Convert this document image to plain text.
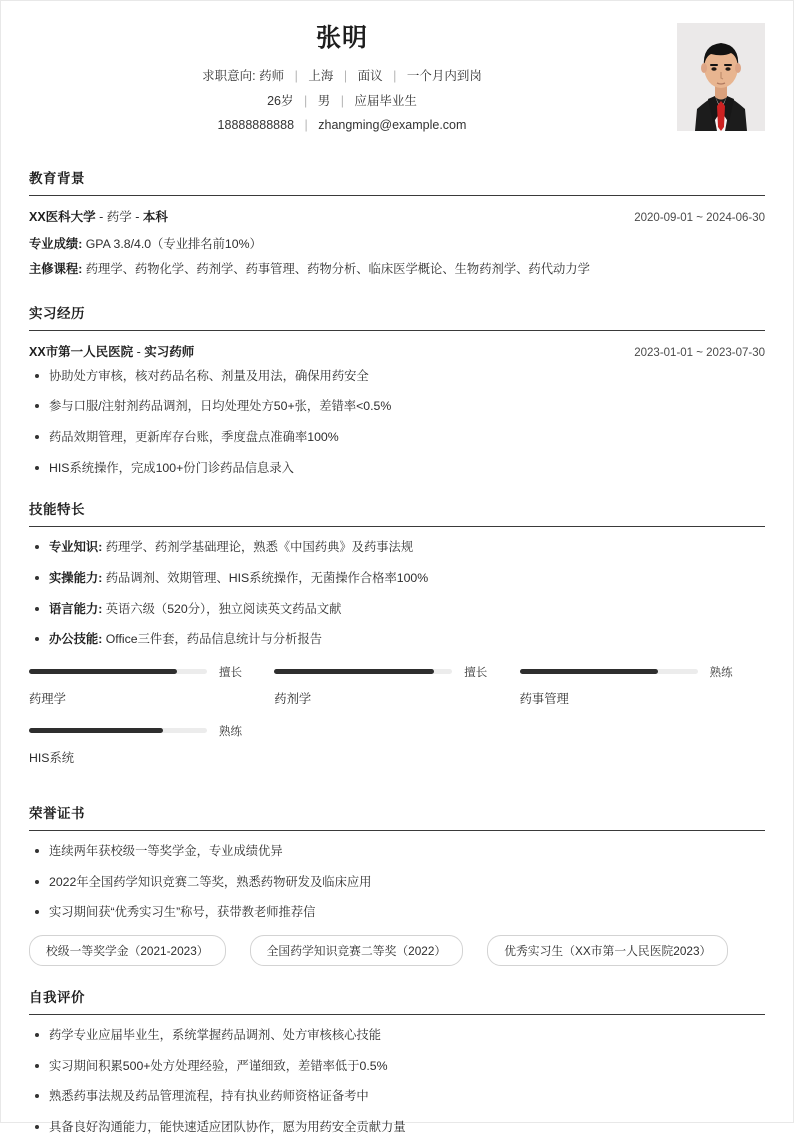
张明
求职意向: 药师 | 上海 | 面议 | 一个月内到岗
26岁 | 男 | 应届毕业生
18888888888 | zhangming@example.com
教育背景
XX医科大学 - 药学 - 本科	2020-09-01 ~ 2024-06-30
专业成绩: GPA 3.8/4.0（专业排名前10%）
主修课程: 药理学、药物化学、药剂学、药事管理、药物分析、临床医学概论、生物药剂学、药代动力学
实习经历
XX市第一人民医院 - 实习药师	2023-01-01 ~ 2023-07-30
协助处方审核，核对药品名称、剂量及用法，确保用药安全
参与口服/注射剂药品调剂，日均处理处方50+张，差错率<0.5%
药品效期管理，更新库存台账，季度盘点准确率100%
HIS系统操作，完成100+份门诊药品信息录入
技能特长
专业知识: 药理学、药剂学基础理论，熟悉《中国药典》及药事法规
实操能力: 药品调剂、效期管理、HIS系统操作，无菌操作合格率100%
语言能力: 英语六级（520分），独立阅读英文药品文献
办公技能: Office三件套，药品信息统计与分析报告
擅长
药理学
擅长
药剂学
熟练
药事管理
熟练
HIS系统
荣誉证书
连续两年获校级一等奖学金，专业成绩优异
2022年全国药学知识竞赛二等奖，熟悉药物研发及临床应用
实习期间获“优秀实习生”称号，获带教老师推荐信
校级一等奖学金（2021-2023）	全国药学知识竞赛二等奖（2022）	优秀实习生（XX市第一人民医院2023）
自我评价
药学专业应届毕业生，系统掌握药品调剂、处方审核核心技能
实习期间积累500+处方处理经验，严谨细致，差错率低于0.5%
熟悉药事法规及药品管理流程，持有执业药师资格证备考中
具备良好沟通能力，能快速适应团队协作，愿为用药安全贡献力量
